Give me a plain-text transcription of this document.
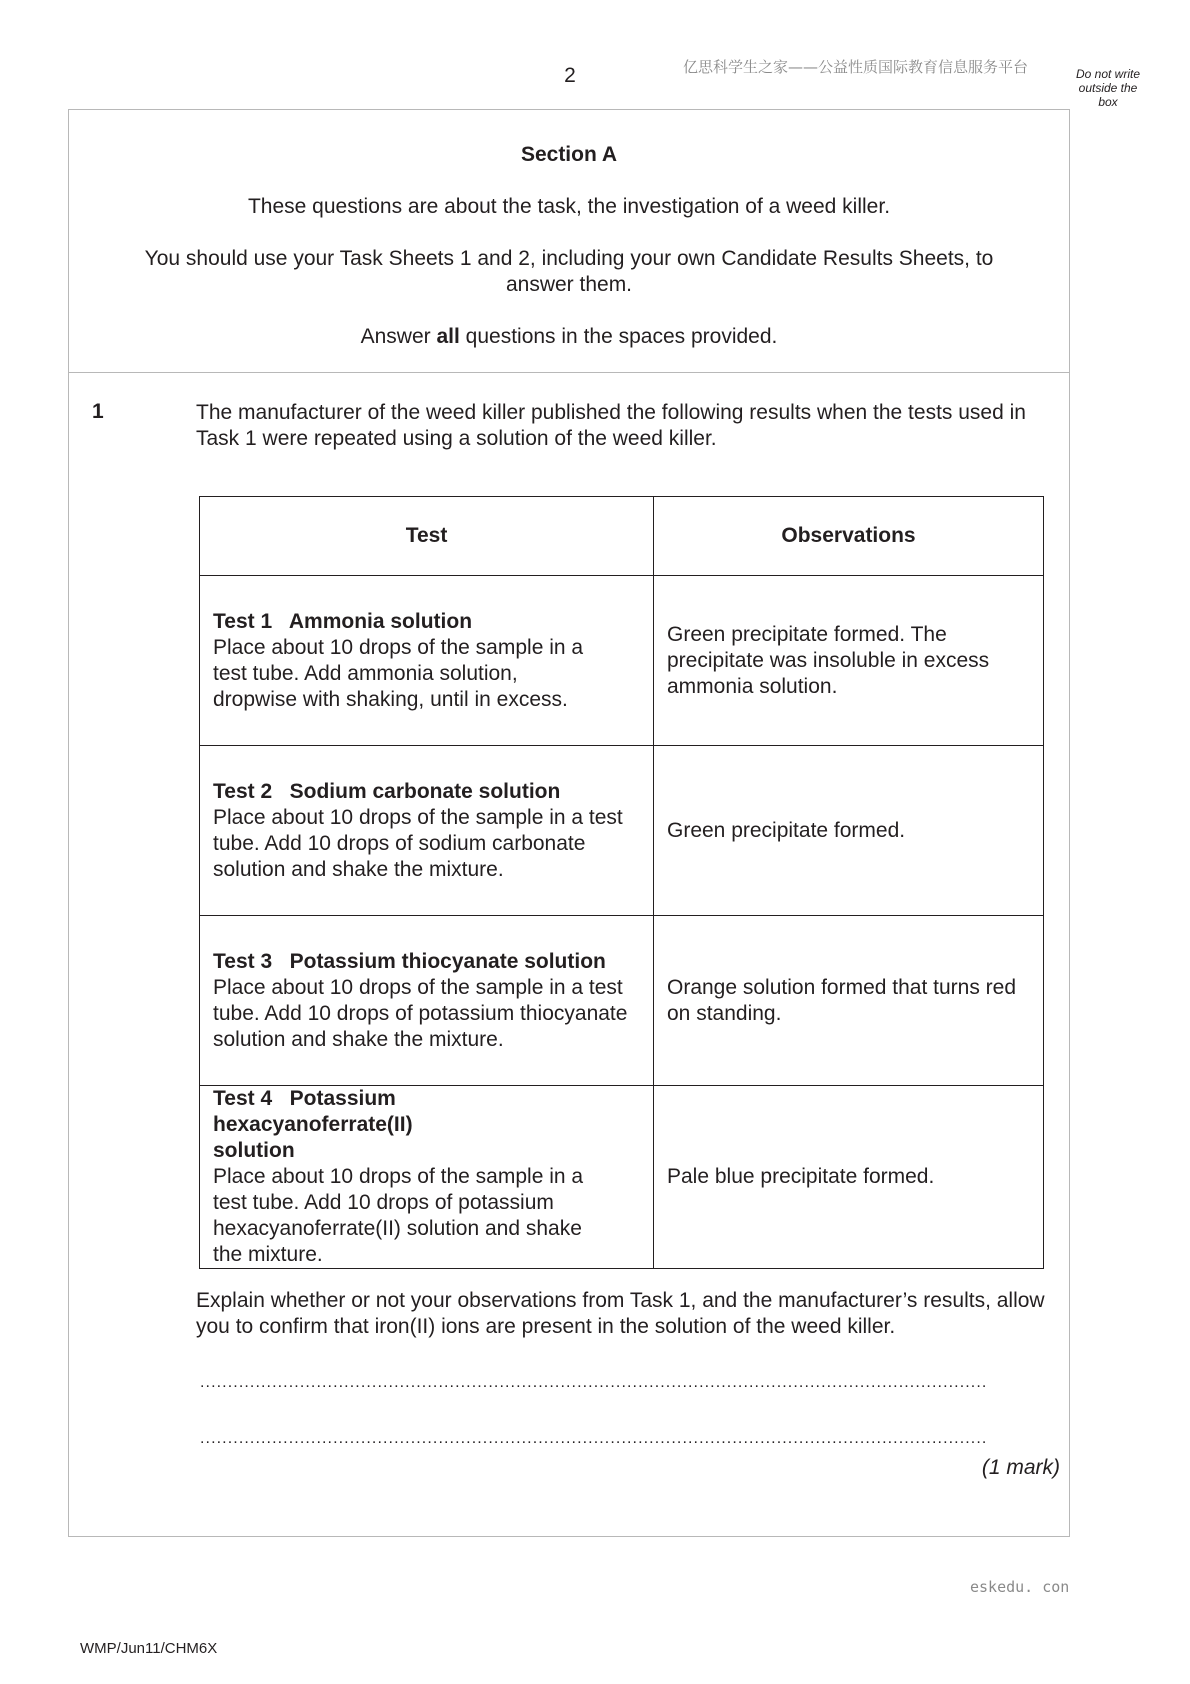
2	亿思科学生之家——公益性质国际教育信息服务平台	Do not write outside the box
Section A
These questions are about the task, the investigation of a weed killer.
You should use your Task Sheets 1 and 2, including your own Candidate Results Sheets, to answer them.
Answer all questions in the spaces provided.
1	The manufacturer of the weed killer published the following results when the tests used in Task 1 were repeated using a solution of the weed killer.
Test	Observations

Test 1   Ammonia solution
Place about 10 drops of the sample in a test tube. Add ammonia solution, dropwise with shaking, until in excess.	Green precipitate formed. The precipitate was insoluble in excess ammonia solution.

Test 2   Sodium carbonate solution
Place about 10 drops of the sample in a test tube. Add 10 drops of sodium carbonate solution and shake the mixture.	Green precipitate formed.

Test 3   Potassium thiocyanate solution
Place about 10 drops of the sample in a test tube. Add 10 drops of potassium thiocyanate solution and shake the mixture.	Orange solution formed that turns red on standing.

Test 4   Potassium hexacyanoferrate(II) solution
Place about 10 drops of the sample in a test tube. Add 10 drops of potassium hexacyanoferrate(II) solution and shake the mixture.	Pale blue precipitate formed.
Explain whether or not your observations from Task 1, and the manufacturer’s results, allow you to confirm that iron(II) ions are present in the solution of the weed killer.
..............................................................................................................................................
..............................................................................................................................................
(1 mark)
eskedu. con
WMP/Jun11/CHM6X
